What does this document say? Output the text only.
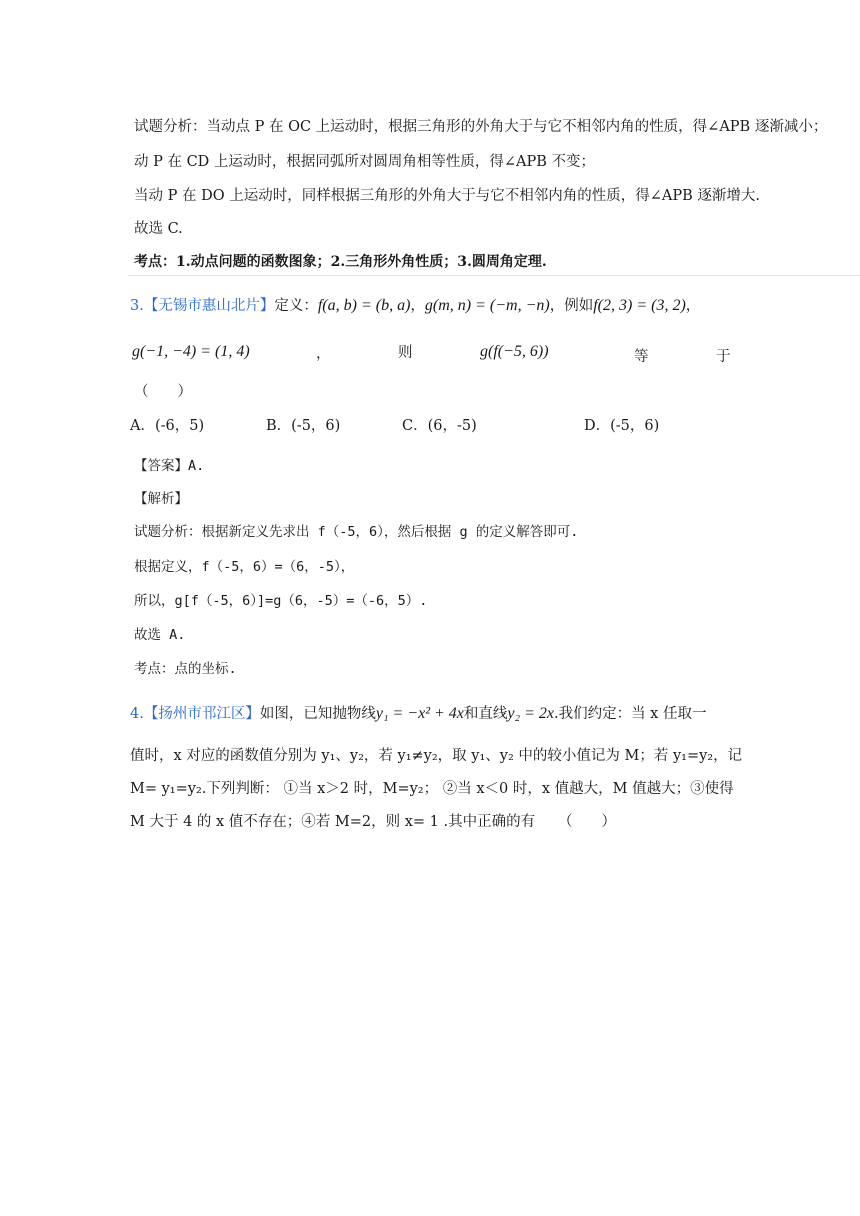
试题分析：当动点 P 在 OC 上运动时，根据三角形的外角大于与它不相邻内角的性质，得∠APB 逐渐减小；
动 P 在 CD 上运动时，根据同弧所对圆周角相等性质，得∠APB 不变；
当动 P 在 DO 上运动时，同样根据三角形的外角大于与它不相邻内角的性质，得∠APB 逐渐增大.
故选 C.
考点：1.动点问题的函数图象；2.三角形外角性质；3.圆周角定理.
3.【无锡市惠山北片】定义：f(a, b) = (b, a)，g(m, n) = (−m, −n)，例如f(2, 3) = (3, 2)，
g(−1, −4) = (1, 4)	，	则	g(f(−5, 6))	等	于
（　　）
A．(-6，5)	B．(-5，6)	C．(6，-5)	D．(-5，6)
【答案】A.
【解析】
试题分析：根据新定义先求出 f（-5，6），然后根据 g 的定义解答即可.
根据定义，f（-5，6）=（6，-5），
所以，g[f（-5，6）]=g（6，-5）=（-6，5）.
故选 A.
考点：点的坐标.
4.【扬州市邗江区】如图，已知抛物线y₁ = −x² + 4x和直线y₂ = 2x.我们约定：当 x 任取一
值时，x 对应的函数值分别为 y₁、y₂，若 y₁≠y₂，取 y₁、y₂ 中的较小值记为 M；若 y₁=y₂，记
M= y₁=y₂.下列判断： ①当 x＞2 时，M=y₂； ②当 x＜0 时，x 值越大，M 值越大；③使得
M 大于 4 的 x 值不存在；④若 M=2，则 x= 1 .其中正确的有 （　　）
